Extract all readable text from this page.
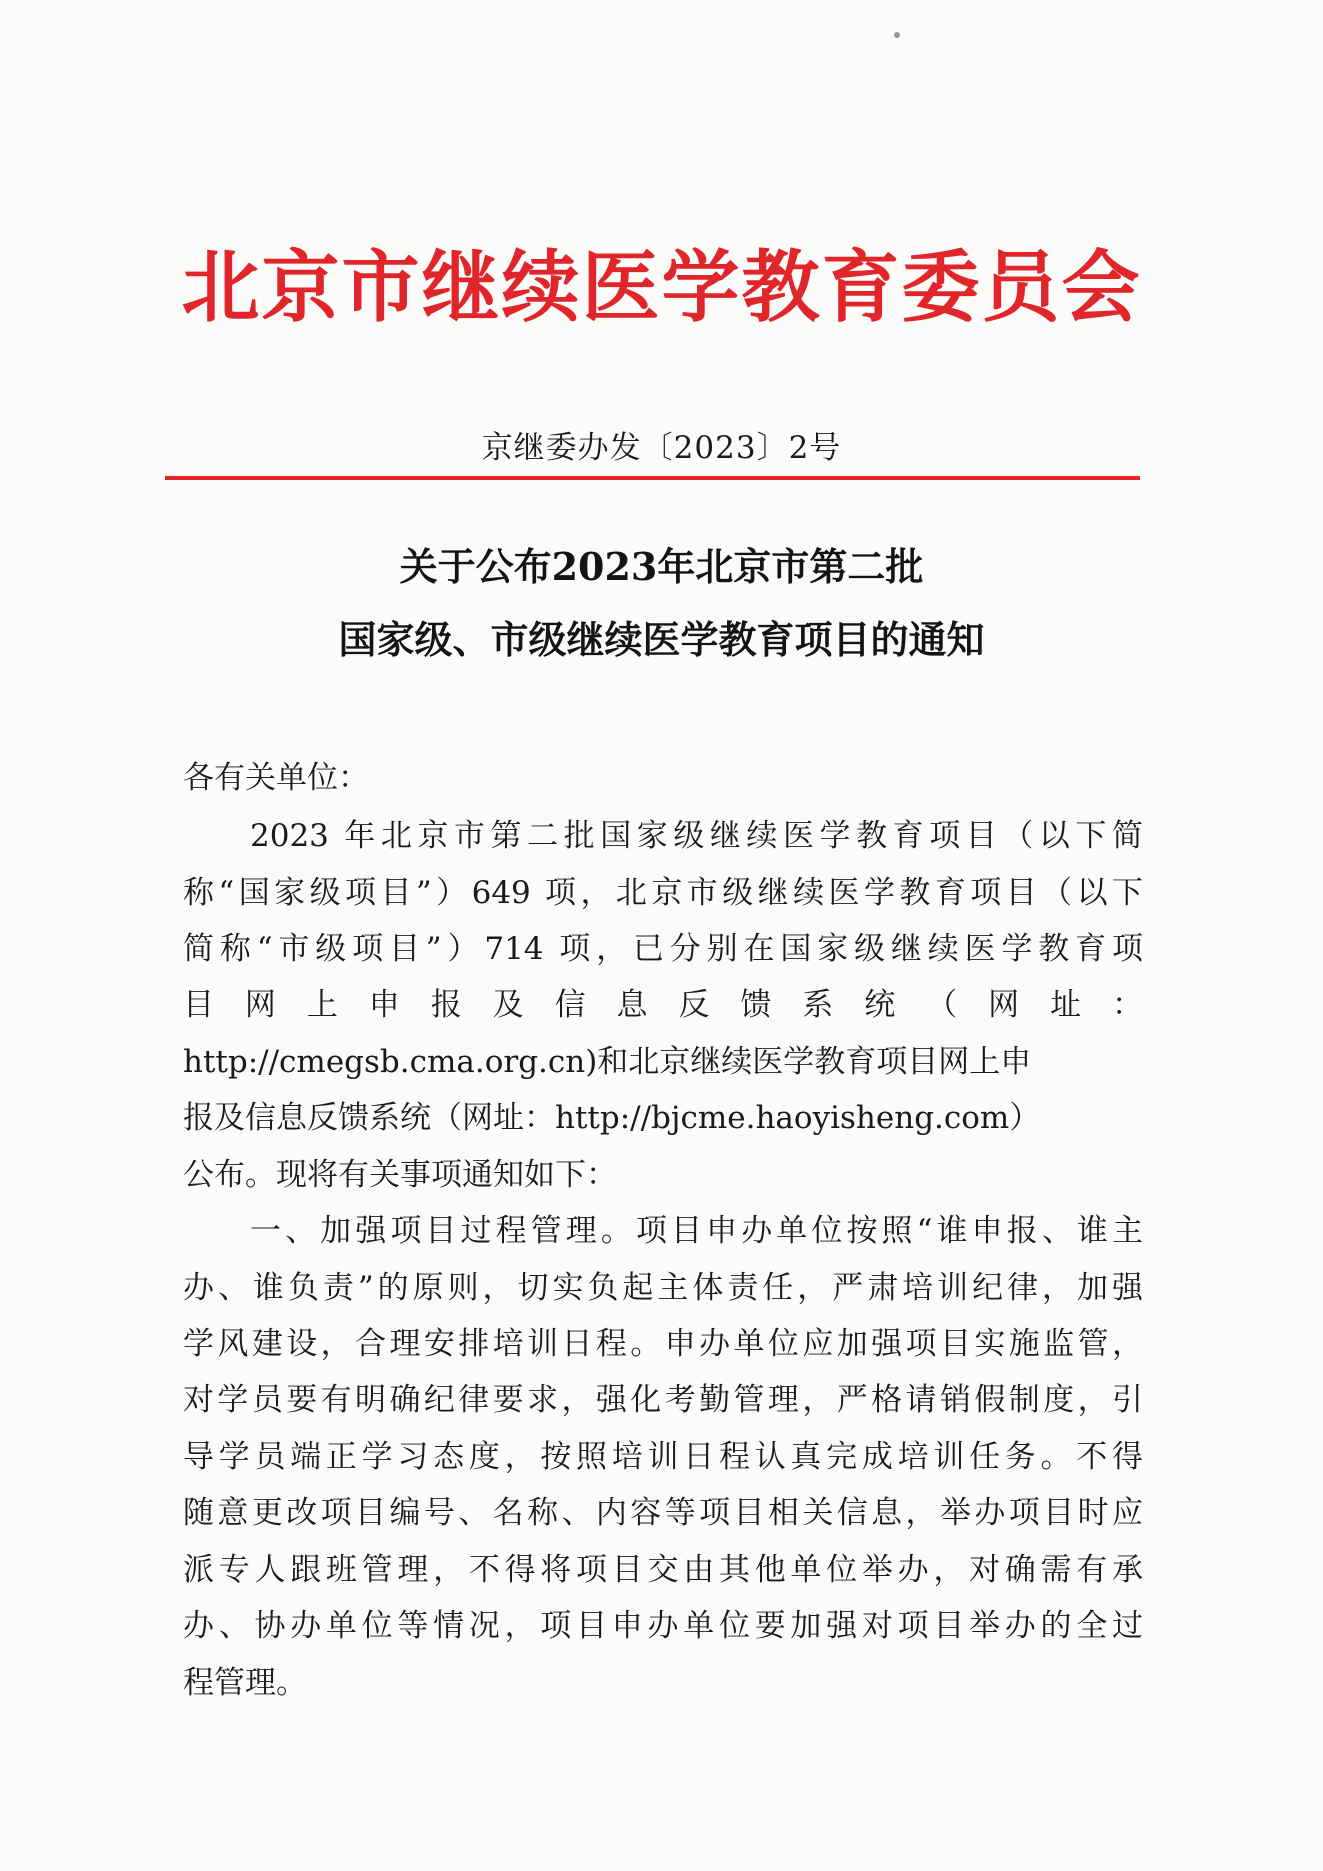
北京市继续医学教育委员会
京继委办发〔2023〕2号
关于公布2023年北京市第二批
国家级、市级继续医学教育项目的通知
各有关单位：
2023 年北京市第二批国家级继续医学教育项目（以下简
称“国家级项目”）649 项，北京市级继续医学教育项目（以下
简称“市级项目”）714 项，已分别在国家级继续医学教育项
目 网 上 申 报 及 信 息 反 馈 系 统 （ 网 址 ：
http://cmegsb.cma.org.cn)和北京继续医学教育项目网上申
报及信息反馈系统（网址：http://bjcme.haoyisheng.com）
公布。现将有关事项通知如下：
一、加强项目过程管理。项目申办单位按照“谁申报、谁主
办、谁负责”的原则，切实负起主体责任，严肃培训纪律，加强
学风建设，合理安排培训日程。申办单位应加强项目实施监管，
对学员要有明确纪律要求，强化考勤管理，严格请销假制度，引
导学员端正学习态度，按照培训日程认真完成培训任务。不得
随意更改项目编号、名称、内容等项目相关信息，举办项目时应
派专人跟班管理，不得将项目交由其他单位举办，对确需有承
办、协办单位等情况，项目申办单位要加强对项目举办的全过
程管理。
